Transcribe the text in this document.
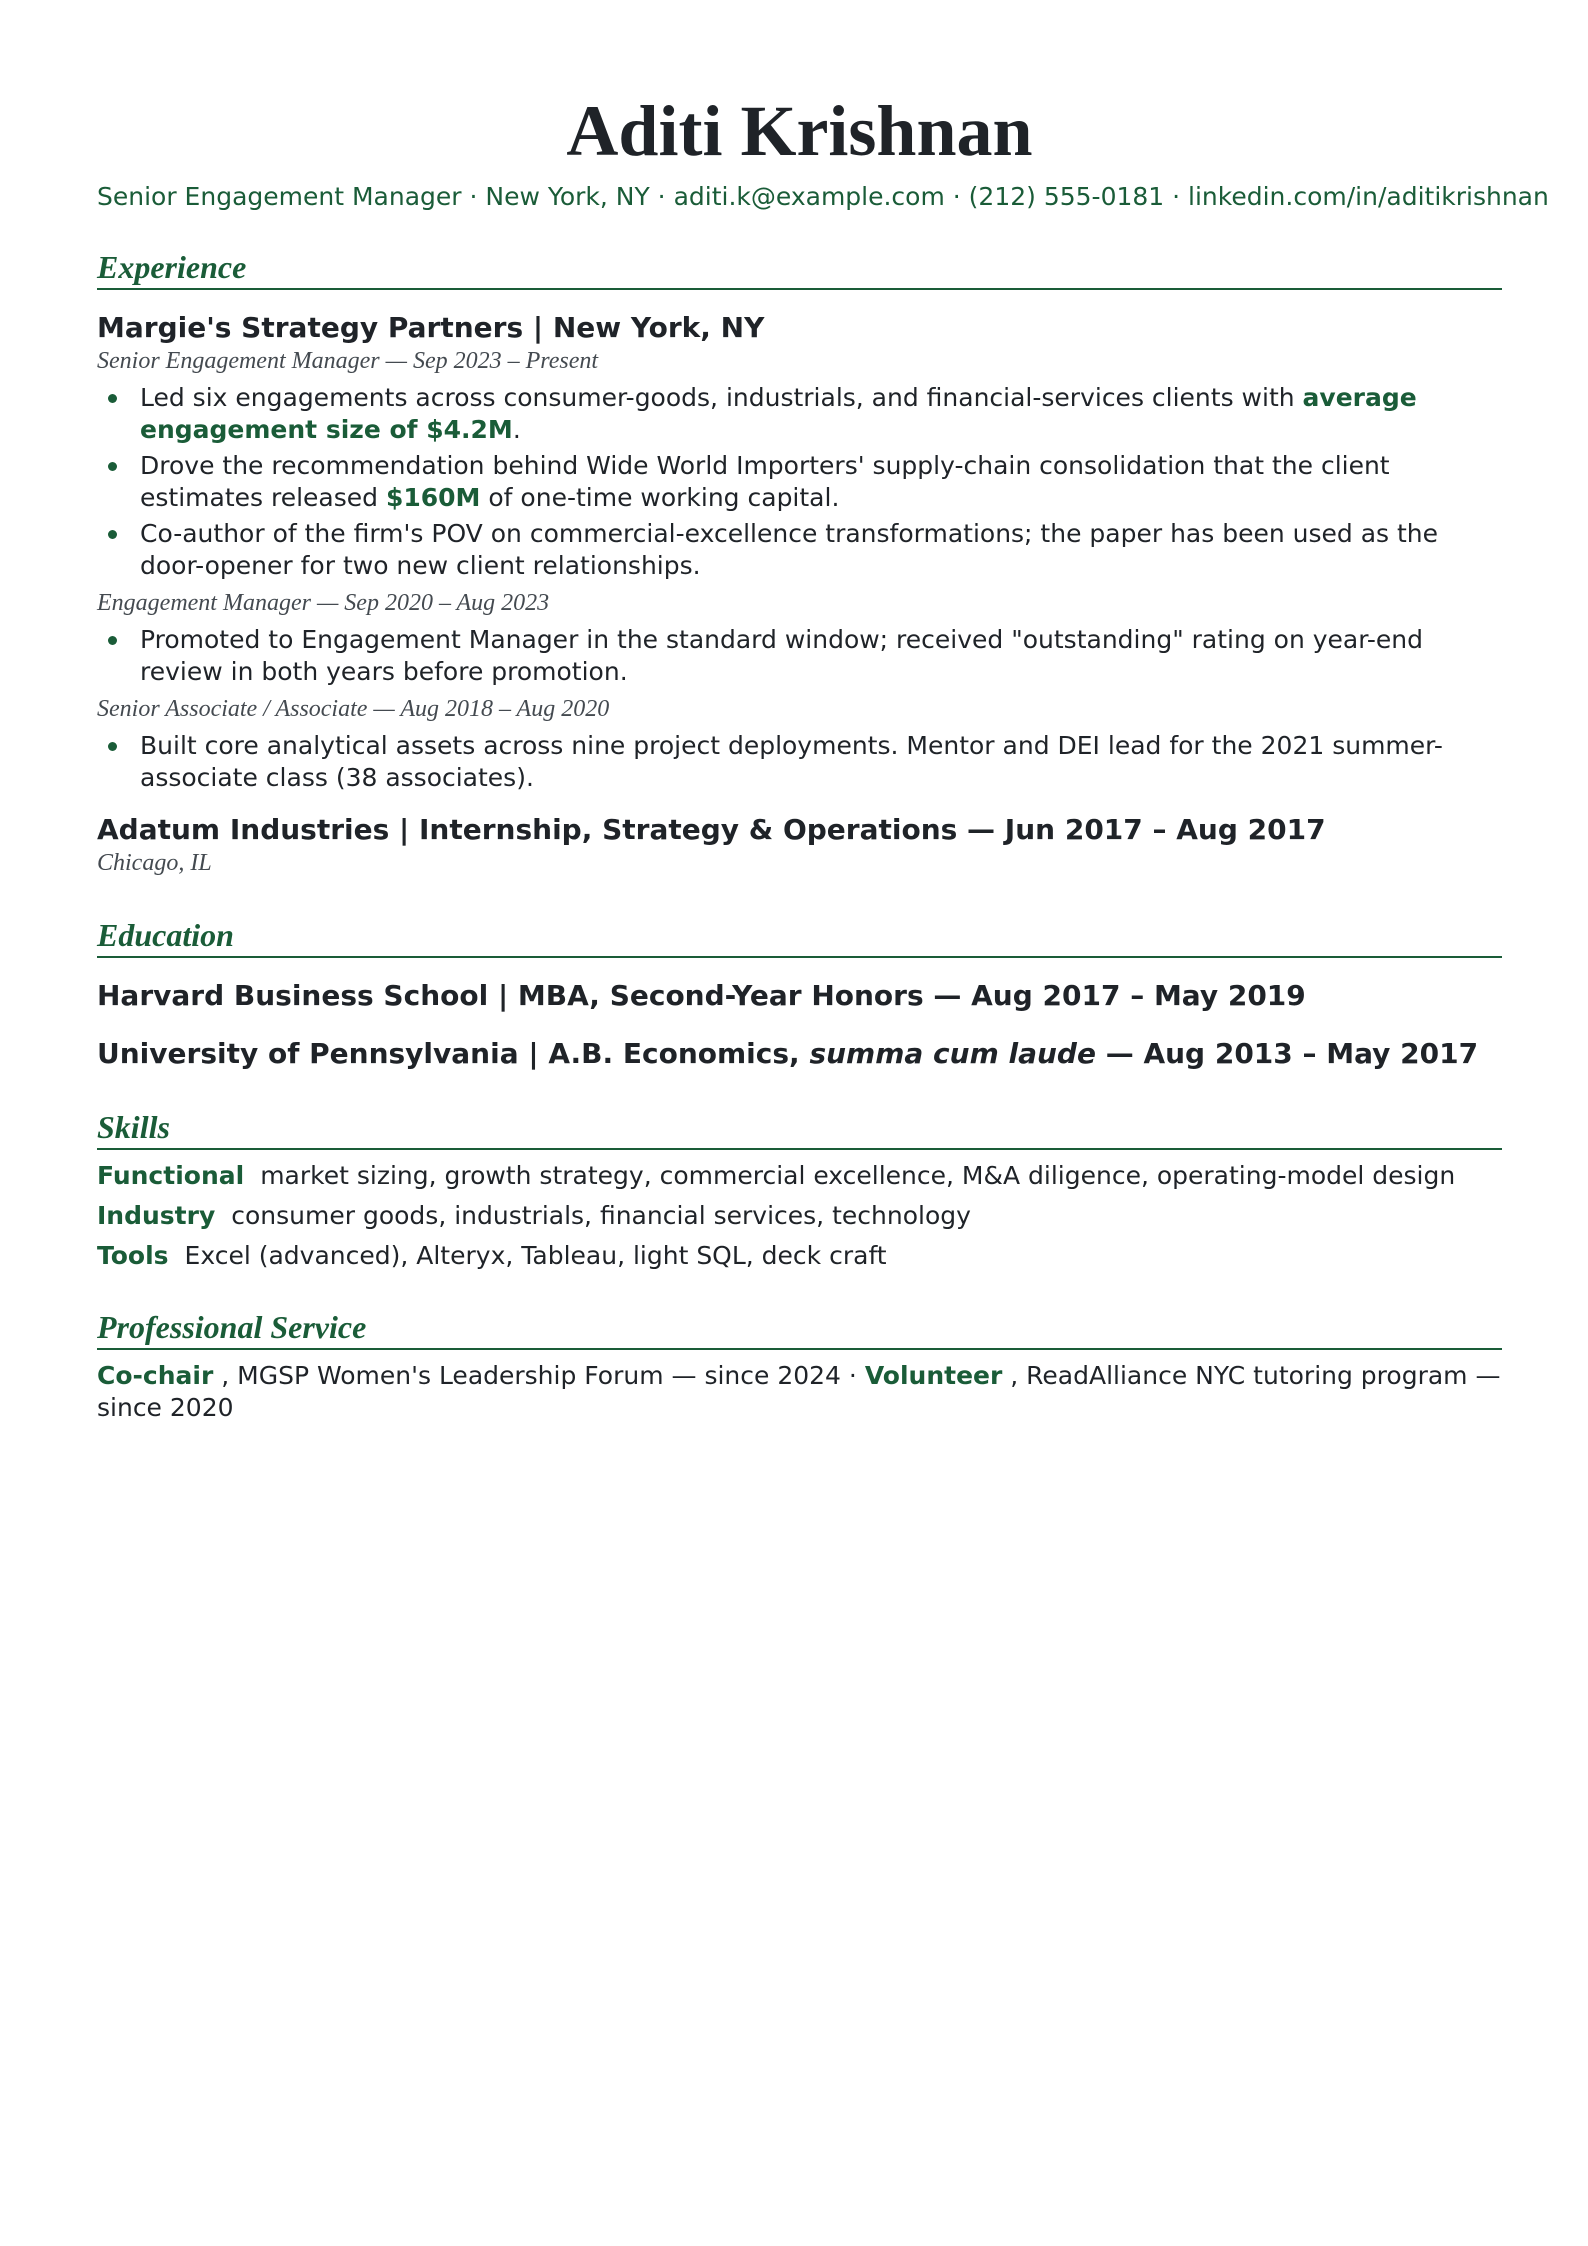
Aditi Krishnan
Senior Engagement Manager · New York, NY · aditi.k@example.com · (212) 555-0181 · linkedin.com/in/aditikrishnan
Experience
Margie's Strategy Partners | New York, NY
Senior Engagement Manager — Sep 2023 – Present
Led six engagements across consumer-goods, industrials, and financial-services clients with average engagement size of $4.2M.
Drove the recommendation behind Wide World Importers' supply-chain consolidation that the client estimates released $160M of one-time working capital.
Co-author of the firm's POV on commercial-excellence transformations; the paper has been used as the door-opener for two new client relationships.
Engagement Manager — Sep 2020 – Aug 2023
Promoted to Engagement Manager in the standard window; received "outstanding" rating on year-end review in both years before promotion.
Senior Associate / Associate — Aug 2018 – Aug 2020
Built core analytical assets across nine project deployments. Mentor and DEI lead for the 2021 summer-associate class (38 associates).
Adatum Industries | Internship, Strategy & Operations — Jun 2017 – Aug 2017
Chicago, IL
Education
Harvard Business School | MBA, Second-Year Honors — Aug 2017 – May 2019
University of Pennsylvania | A.B. Economics, summa cum laude — Aug 2013 – May 2017
Skills
Functional market sizing, growth strategy, commercial excellence, M&A diligence, operating-model design
Industry consumer goods, industrials, financial services, technology
Tools Excel (advanced), Alteryx, Tableau, light SQL, deck craft
Professional Service
Co-chair , MGSP Women's Leadership Forum — since 2024 · Volunteer , ReadAlliance NYC tutoring program — since 2020
